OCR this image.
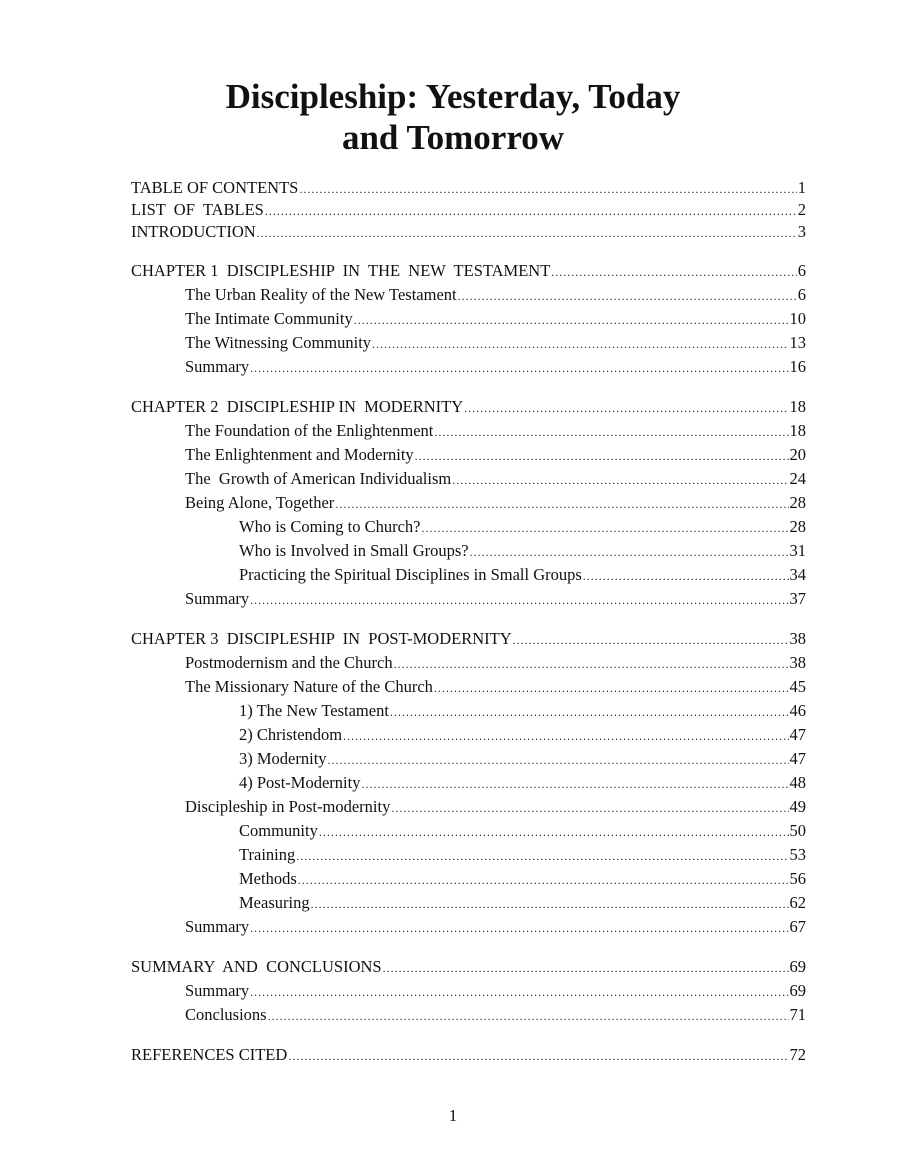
Discipleship: Yesterday, Today
and Tomorrow
TABLE OF CONTENTS .....	1
LIST  OF  TABLES .....	2
INTRODUCTION .....	3
CHAPTER 1  DISCIPLESHIP  IN  THE  NEW  TESTAMENT .....	6
The Urban Reality of the New Testament .....	6
The Intimate Community .....	10
The Witnessing Community .....	13
Summary .....	16
CHAPTER 2  DISCIPLESHIP IN  MODERNITY .....	18
The Foundation of the Enlightenment .....	18
The Enlightenment and Modernity .....	20
The  Growth of American Individualism .....	24
Being Alone, Together .....	28
Who is Coming to Church? .....	28
Who is Involved in Small Groups? .....	31
Practicing the Spiritual Disciplines in Small Groups .....	34
Summary .....	37
CHAPTER 3  DISCIPLESHIP  IN  POST-MODERNITY .....	38
Postmodernism and the Church .....	38
The Missionary Nature of the Church .....	45
1) The New Testament .....	46
2) Christendom .....	47
3) Modernity .....	47
4) Post-Modernity .....	48
Discipleship in Post-modernity .....	49
Community .....	50
Training .....	53
Methods .....	56
Measuring .....	62
Summary .....	67
SUMMARY  AND  CONCLUSIONS .....	69
Summary .....	69
Conclusions .....	71
REFERENCES CITED .....	72
1
